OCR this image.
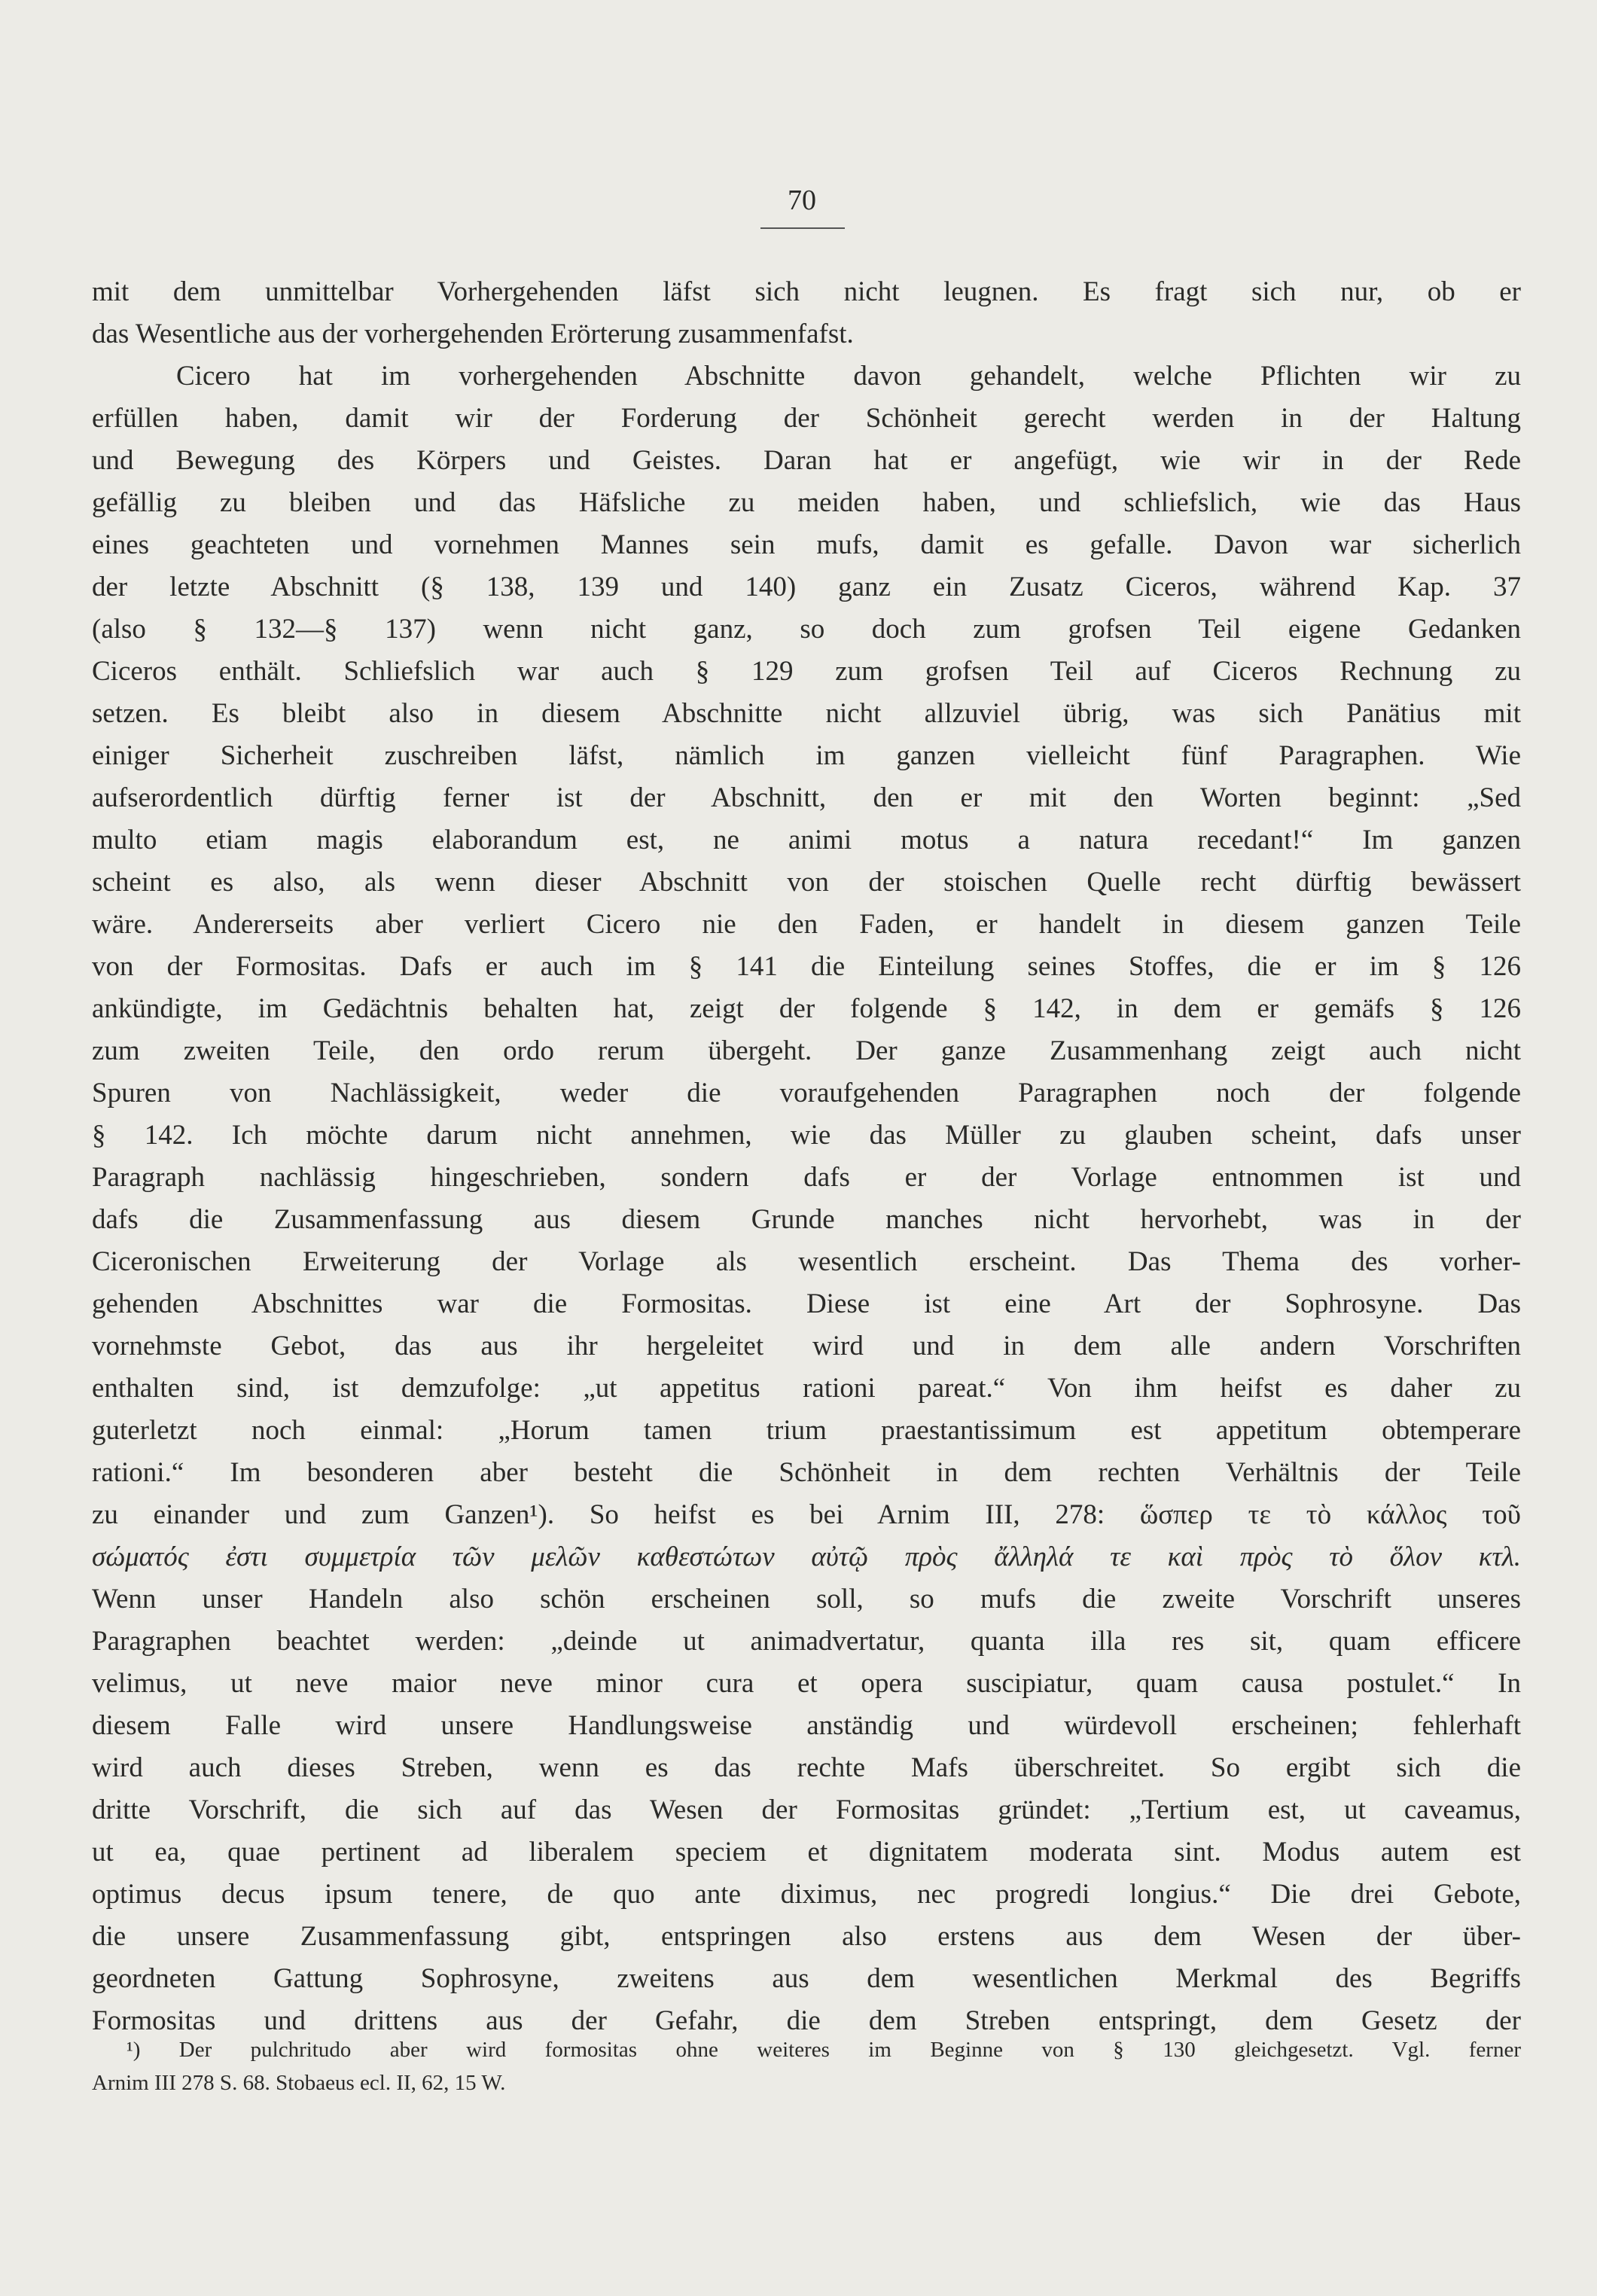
70
mit dem unmittelbar Vorhergehenden läfst sich nicht leugnen. Es fragt sich nur, ob er
das Wesentliche aus der vorhergehenden Erörterung zusammenfafst.
Cicero hat im vorhergehenden Abschnitte davon gehandelt, welche Pflichten wir zu
erfüllen haben, damit wir der Forderung der Schönheit gerecht werden in der Haltung
und Bewegung des Körpers und Geistes. Daran hat er angefügt, wie wir in der Rede
gefällig zu bleiben und das Häfsliche zu meiden haben, und schliefslich, wie das Haus
eines geachteten und vornehmen Mannes sein mufs, damit es gefalle. Davon war sicherlich
der letzte Abschnitt (§ 138, 139 und 140) ganz ein Zusatz Ciceros, während Kap. 37
(also § 132—§ 137) wenn nicht ganz, so doch zum grofsen Teil eigene Gedanken
Ciceros enthält. Schliefslich war auch § 129 zum grofsen Teil auf Ciceros Rechnung zu
setzen. Es bleibt also in diesem Abschnitte nicht allzuviel übrig, was sich Panätius mit
einiger Sicherheit zuschreiben läfst, nämlich im ganzen vielleicht fünf Paragraphen. Wie
aufserordentlich dürftig ferner ist der Abschnitt, den er mit den Worten beginnt: „Sed
multo etiam magis elaborandum est, ne animi motus a natura recedant!“ Im ganzen
scheint es also, als wenn dieser Abschnitt von der stoischen Quelle recht dürftig bewässert
wäre. Andererseits aber verliert Cicero nie den Faden, er handelt in diesem ganzen Teile
von der Formositas. Dafs er auch im § 141 die Einteilung seines Stoffes, die er im § 126
ankündigte, im Gedächtnis behalten hat, zeigt der folgende § 142, in dem er gemäfs § 126
zum zweiten Teile, den ordo rerum übergeht. Der ganze Zusammenhang zeigt auch nicht
Spuren von Nachlässigkeit, weder die voraufgehenden Paragraphen noch der folgende
§ 142. Ich möchte darum nicht annehmen, wie das Müller zu glauben scheint, dafs unser
Paragraph nachlässig hingeschrieben, sondern dafs er der Vorlage entnommen ist und
dafs die Zusammenfassung aus diesem Grunde manches nicht hervorhebt, was in der
Ciceronischen Erweiterung der Vorlage als wesentlich erscheint. Das Thema des vorher-
gehenden Abschnittes war die Formositas. Diese ist eine Art der Sophrosyne. Das
vornehmste Gebot, das aus ihr hergeleitet wird und in dem alle andern Vorschriften
enthalten sind, ist demzufolge: „ut appetitus rationi pareat.“ Von ihm heifst es daher zu
guterletzt noch einmal: „Horum tamen trium praestantissimum est appetitum obtemperare
rationi.“ Im besonderen aber besteht die Schönheit in dem rechten Verhältnis der Teile
zu einander und zum Ganzen¹). So heifst es bei Arnim III, 278: ὥσπερ τε τὸ κάλλος τοῦ
σώματός ἐστι συμμετρία τῶν μελῶν καθεστώτων αὐτῷ πρὸς ἄλληλά τε καὶ πρὸς τὸ ὅλον κτλ.
Wenn unser Handeln also schön erscheinen soll, so mufs die zweite Vorschrift unseres
Paragraphen beachtet werden: „deinde ut animadvertatur, quanta illa res sit, quam efficere
velimus, ut neve maior neve minor cura et opera suscipiatur, quam causa postulet.“ In
diesem Falle wird unsere Handlungsweise anständig und würdevoll erscheinen; fehlerhaft
wird auch dieses Streben, wenn es das rechte Mafs überschreitet. So ergibt sich die
dritte Vorschrift, die sich auf das Wesen der Formositas gründet: „Tertium est, ut caveamus,
ut ea, quae pertinent ad liberalem speciem et dignitatem moderata sint. Modus autem est
optimus decus ipsum tenere, de quo ante diximus, nec progredi longius.“ Die drei Gebote,
die unsere Zusammenfassung gibt, entspringen also erstens aus dem Wesen der über-
geordneten Gattung Sophrosyne, zweitens aus dem wesentlichen Merkmal des Begriffs
Formositas und drittens aus der Gefahr, die dem Streben entspringt, dem Gesetz der
¹) Der pulchritudo aber wird formositas ohne weiteres im Beginne von § 130 gleichgesetzt. Vgl. ferner
Arnim III 278 S. 68. Stobaeus ecl. II, 62, 15 W.
